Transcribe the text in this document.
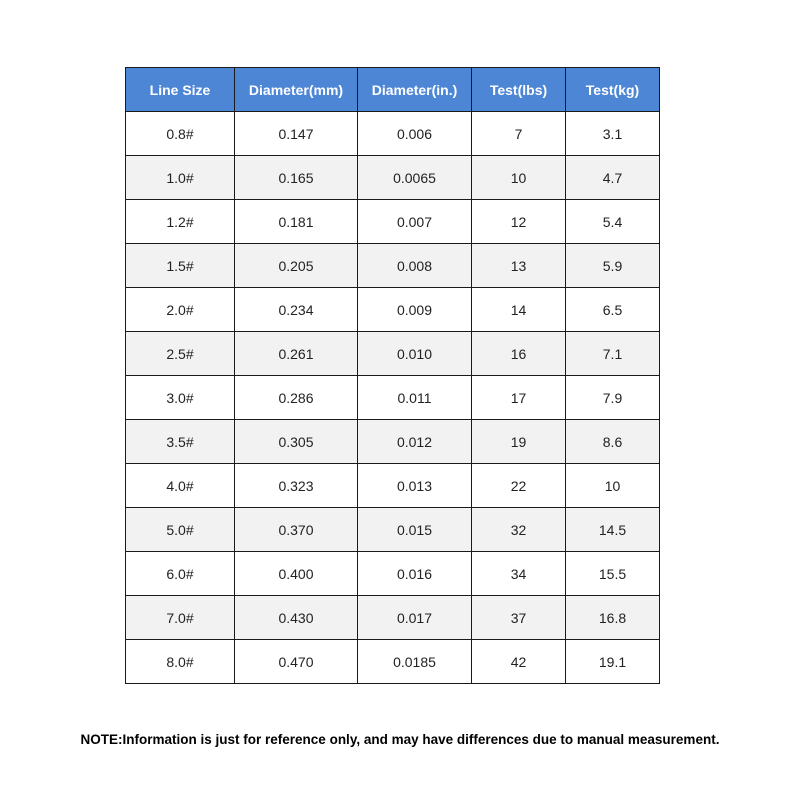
Line Size	Diameter(mm)	Diameter(in.)	Test(lbs)	Test(kg)
0.8#	0.147	0.006	7	3.1
1.0#	0.165	0.0065	10	4.7
1.2#	0.181	0.007	12	5.4
1.5#	0.205	0.008	13	5.9
2.0#	0.234	0.009	14	6.5
2.5#	0.261	0.010	16	7.1
3.0#	0.286	0.011	17	7.9
3.5#	0.305	0.012	19	8.6
4.0#	0.323	0.013	22	10
5.0#	0.370	0.015	32	14.5
6.0#	0.400	0.016	34	15.5
7.0#	0.430	0.017	37	16.8
8.0#	0.470	0.0185	42	19.1
NOTE:Information is just for reference only, and may have differences due to manual measurement.
